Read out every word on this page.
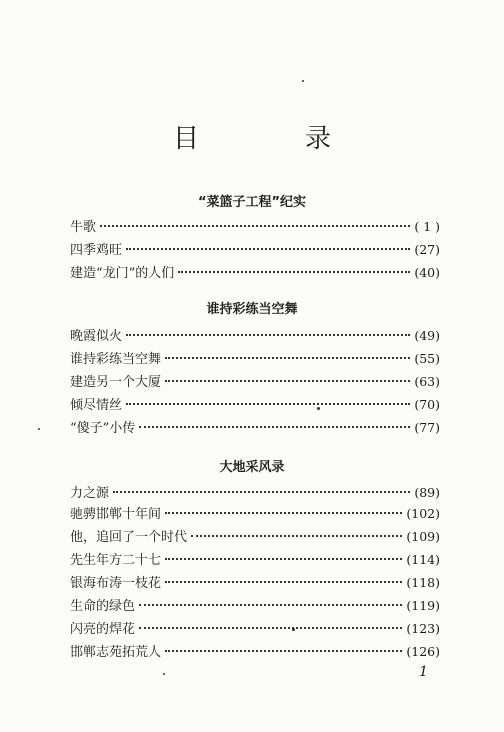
目　录
“菜篮子工程”纪实
牛歌	( 1 )
四季鸡旺	(27)
建造“龙门”的人们	(40)
谁持彩练当空舞
晚霞似火	(49)
谁持彩练当空舞	(55)
建造另一个大厦	(63)
倾尽情丝	(70)
“傻子”小传	(77)
大地采风录
力之源	(89)
驰骋邯郸十年间	(102)
他，追回了一个时代	(109)
先生年方二十七	(114)
银海布涛一枝花	(118)
生命的绿色	(119)
闪亮的焊花	(123)
邯郸志苑拓荒人	(126)
1
